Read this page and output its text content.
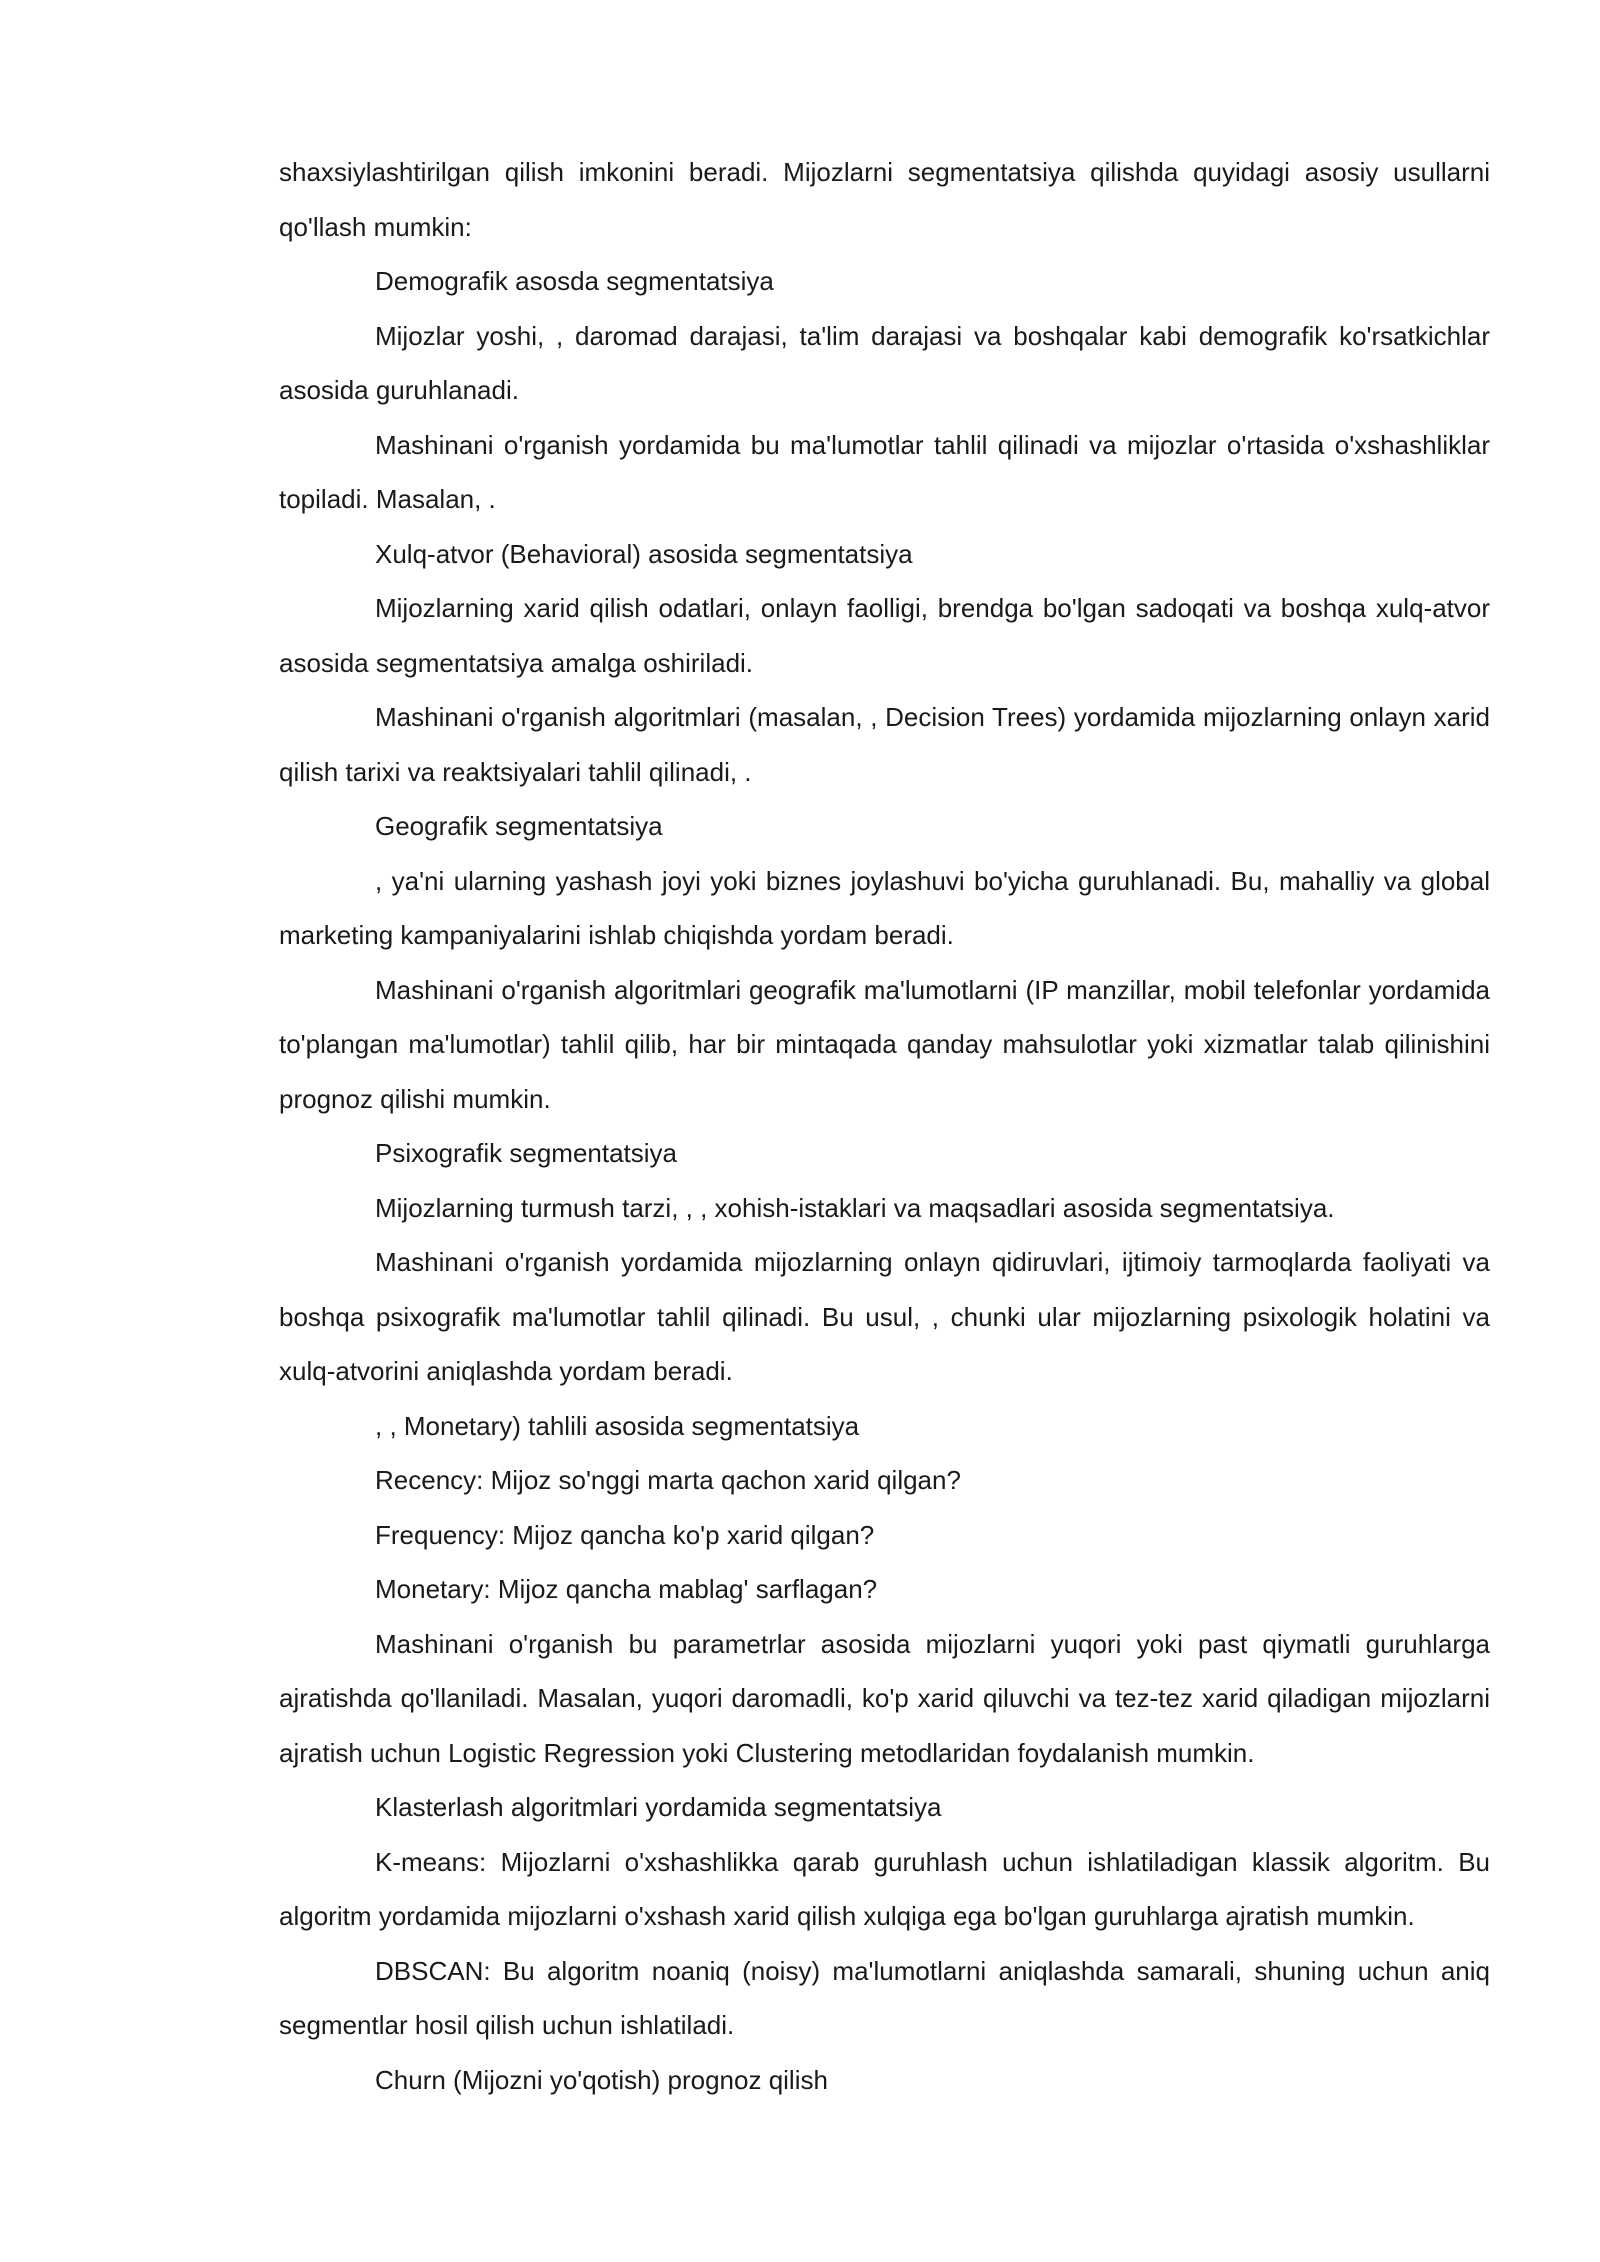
shaxsiylashtirilgan qilish imkonini beradi. Mijozlarni segmentatsiya qilishda quyidagi asosiy usullarni qo'llash mumkin:

Demografik asosda segmentatsiya

Mijozlar yoshi, , daromad darajasi, ta'lim darajasi va boshqalar kabi demografik ko'rsatkichlar asosida guruhlanadi.

Mashinani o'rganish yordamida bu ma'lumotlar tahlil qilinadi va mijozlar o'rtasida o'xshashliklar topiladi. Masalan, .

Xulq-atvor (Behavioral) asosida segmentatsiya

Mijozlarning xarid qilish odatlari, onlayn faolligi, brendga bo'lgan sadoqati va boshqa xulq-atvor asosida segmentatsiya amalga oshiriladi.

Mashinani o'rganish algoritmlari (masalan, , Decision Trees) yordamida mijozlarning onlayn xarid qilish tarixi va reaktsiyalari tahlil qilinadi, .

Geografik segmentatsiya

, ya'ni ularning yashash joyi yoki biznes joylashuvi bo'yicha guruhlanadi. Bu, mahalliy va global marketing kampaniyalarini ishlab chiqishda yordam beradi.

Mashinani o'rganish algoritmlari geografik ma'lumotlarni (IP manzillar, mobil telefonlar yordamida to'plangan ma'lumotlar) tahlil qilib, har bir mintaqada qanday mahsulotlar yoki xizmatlar talab qilinishini prognoz qilishi mumkin.

Psixografik segmentatsiya

Mijozlarning turmush tarzi, , , xohish-istaklari va maqsadlari asosida segmentatsiya.

Mashinani o'rganish yordamida mijozlarning onlayn qidiruvlari, ijtimoiy tarmoqlarda faoliyati va boshqa psixografik ma'lumotlar tahlil qilinadi. Bu usul, , chunki ular mijozlarning psixologik holatini va xulq-atvorini aniqlashda yordam beradi.

, , Monetary) tahlili asosida segmentatsiya

Recency: Mijoz so'nggi marta qachon xarid qilgan?

Frequency: Mijoz qancha ko'p xarid qilgan?

Monetary: Mijoz qancha mablag' sarflagan?

Mashinani o'rganish bu parametrlar asosida mijozlarni yuqori yoki past qiymatli guruhlarga ajratishda qo'llaniladi. Masalan, yuqori daromadli, ko'p xarid qiluvchi va tez-tez xarid qiladigan mijozlarni ajratish uchun Logistic Regression yoki Clustering metodlaridan foydalanish mumkin.

Klasterlash algoritmlari yordamida segmentatsiya

K-means: Mijozlarni o'xshashlikka qarab guruhlash uchun ishlatiladigan klassik algoritm. Bu algoritm yordamida mijozlarni o'xshash xarid qilish xulqiga ega bo'lgan guruhlarga ajratish mumkin.

DBSCAN: Bu algoritm noaniq (noisy) ma'lumotlarni aniqlashda samarali, shuning uchun aniq segmentlar hosil qilish uchun ishlatiladi.

Churn (Mijozni yo'qotish) prognoz qilish
